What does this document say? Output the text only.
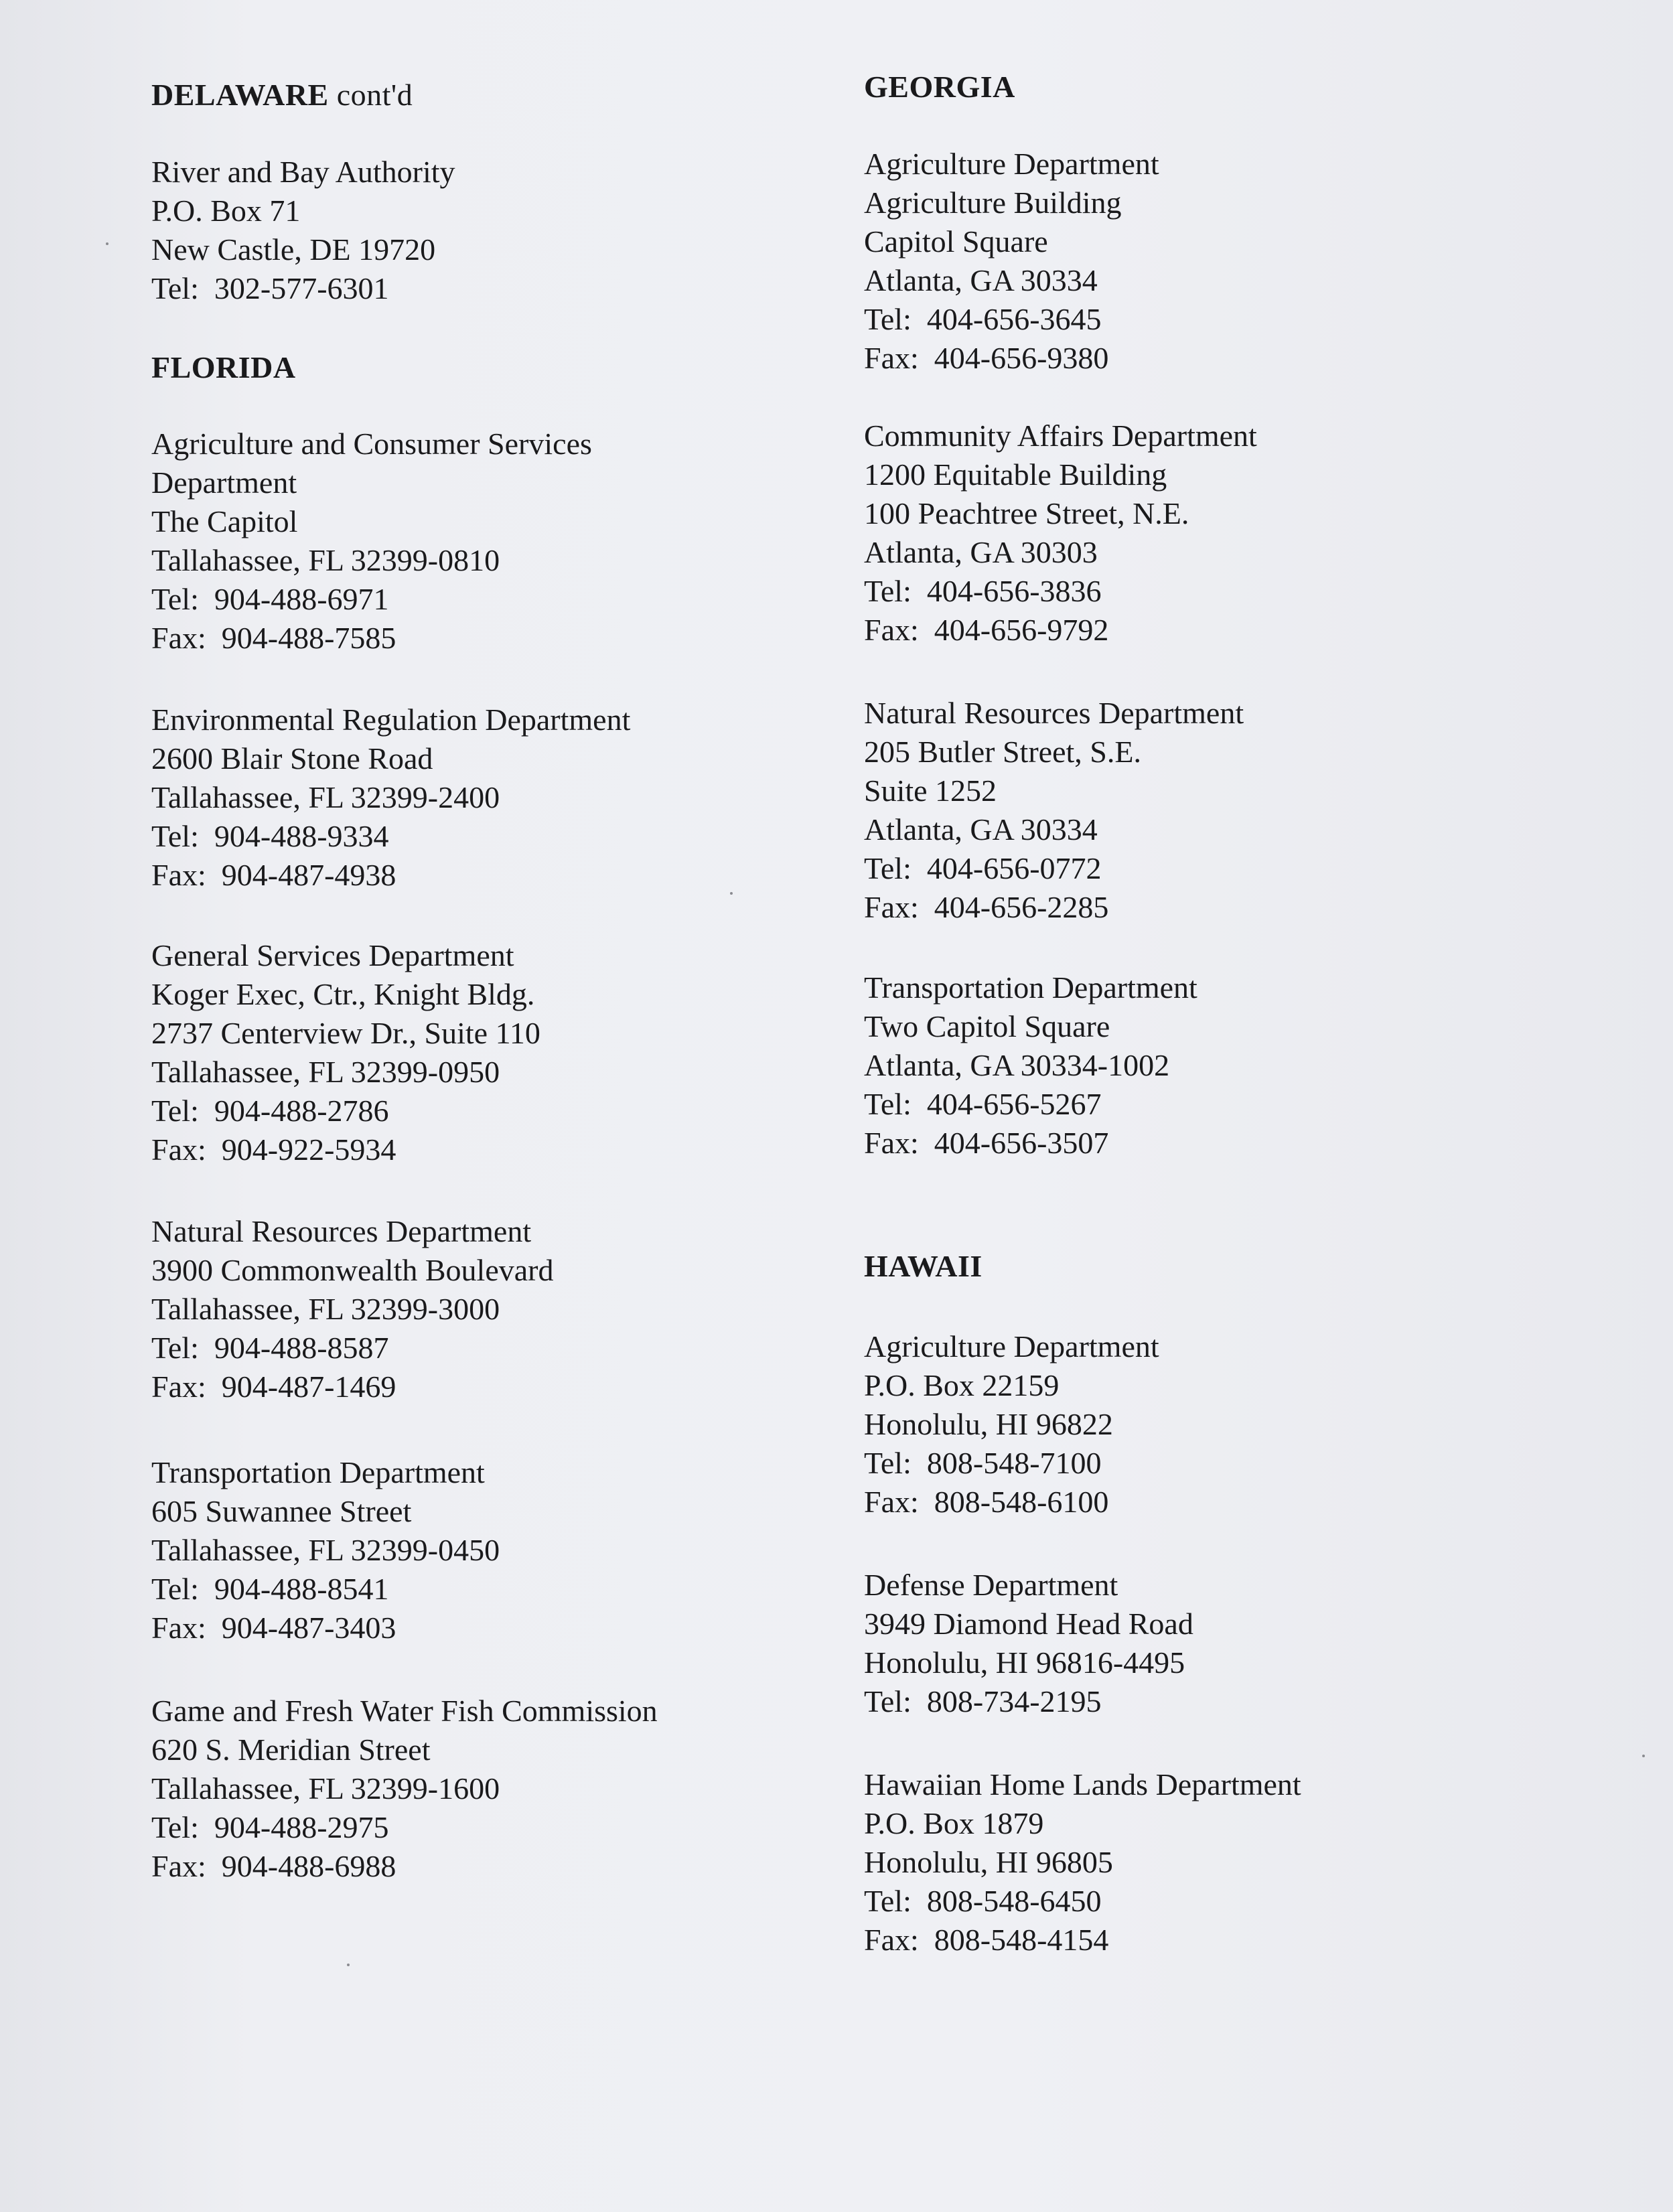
DELAWARE cont'd
River and Bay Authority
P.O. Box 71
New Castle, DE 19720
Tel: 302-577-6301
FLORIDA
Agriculture and Consumer Services
Department
The Capitol
Tallahassee, FL 32399-0810
Tel: 904-488-6971
Fax: 904-488-7585
Environmental Regulation Department
2600 Blair Stone Road
Tallahassee, FL 32399-2400
Tel: 904-488-9334
Fax: 904-487-4938
General Services Department
Koger Exec, Ctr., Knight Bldg.
2737 Centerview Dr., Suite 110
Tallahassee, FL 32399-0950
Tel: 904-488-2786
Fax: 904-922-5934
Natural Resources Department
3900 Commonwealth Boulevard
Tallahassee, FL 32399-3000
Tel: 904-488-8587
Fax: 904-487-1469
Transportation Department
605 Suwannee Street
Tallahassee, FL 32399-0450
Tel: 904-488-8541
Fax: 904-487-3403
Game and Fresh Water Fish Commission
620 S. Meridian Street
Tallahassee, FL 32399-1600
Tel: 904-488-2975
Fax: 904-488-6988
GEORGIA
Agriculture Department
Agriculture Building
Capitol Square
Atlanta, GA 30334
Tel: 404-656-3645
Fax: 404-656-9380
Community Affairs Department
1200 Equitable Building
100 Peachtree Street, N.E.
Atlanta, GA 30303
Tel: 404-656-3836
Fax: 404-656-9792
Natural Resources Department
205 Butler Street, S.E.
Suite 1252
Atlanta, GA 30334
Tel: 404-656-0772
Fax: 404-656-2285
Transportation Department
Two Capitol Square
Atlanta, GA 30334-1002
Tel: 404-656-5267
Fax: 404-656-3507
HAWAII
Agriculture Department
P.O. Box 22159
Honolulu, HI 96822
Tel: 808-548-7100
Fax: 808-548-6100
Defense Department
3949 Diamond Head Road
Honolulu, HI 96816-4495
Tel: 808-734-2195
Hawaiian Home Lands Department
P.O. Box 1879
Honolulu, HI 96805
Tel: 808-548-6450
Fax: 808-548-4154
